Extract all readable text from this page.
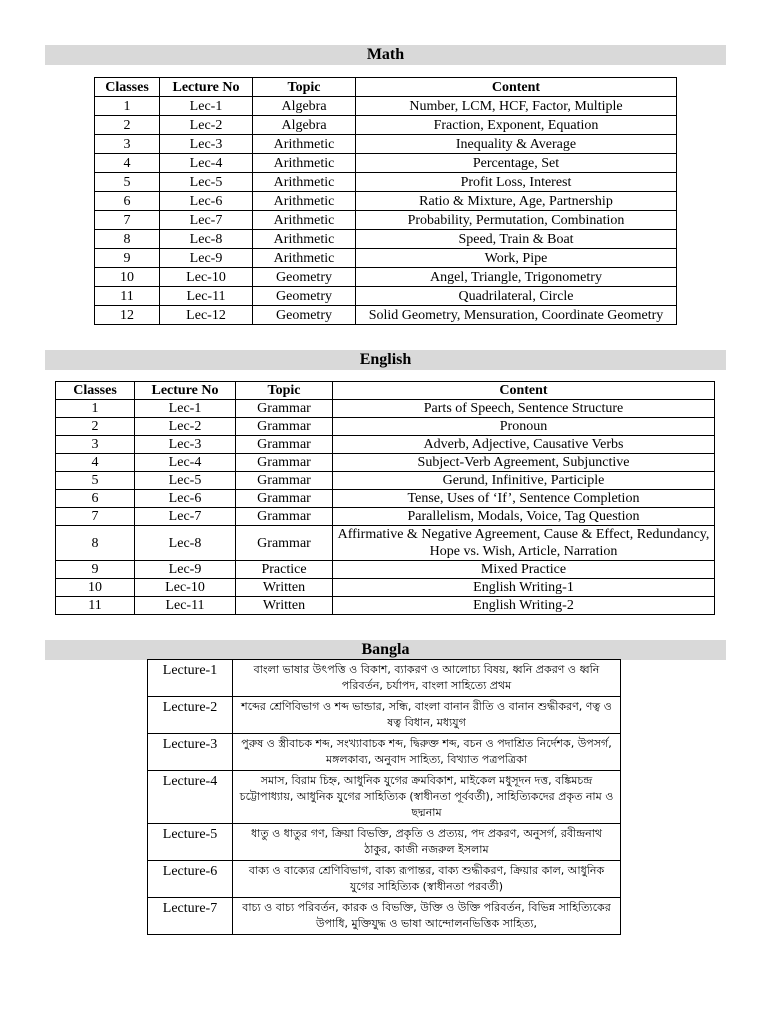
Math
Classes	Lecture No	Topic	Content
1	Lec-1	Algebra	Number, LCM, HCF, Factor, Multiple
2	Lec-2	Algebra	Fraction, Exponent, Equation
3	Lec-3	Arithmetic	Inequality & Average
4	Lec-4	Arithmetic	Percentage, Set
5	Lec-5	Arithmetic	Profit Loss, Interest
6	Lec-6	Arithmetic	Ratio & Mixture, Age, Partnership
7	Lec-7	Arithmetic	Probability, Permutation, Combination
8	Lec-8	Arithmetic	Speed, Train & Boat
9	Lec-9	Arithmetic	Work, Pipe
10	Lec-10	Geometry	Angel, Triangle, Trigonometry
11	Lec-11	Geometry	Quadrilateral, Circle
12	Lec-12	Geometry	Solid Geometry, Mensuration, Coordinate Geometry
English
Classes	Lecture No	Topic	Content
1	Lec-1	Grammar	Parts of Speech, Sentence Structure
2	Lec-2	Grammar	Pronoun
3	Lec-3	Grammar	Adverb, Adjective, Causative Verbs
4	Lec-4	Grammar	Subject-Verb Agreement, Subjunctive
5	Lec-5	Grammar	Gerund, Infinitive, Participle
6	Lec-6	Grammar	Tense, Uses of ‘If’, Sentence Completion
7	Lec-7	Grammar	Parallelism, Modals, Voice, Tag Question
8	Lec-8	Grammar	Affirmative & Negative Agreement, Cause & Effect, Redundancy, Hope vs. Wish, Article, Narration
9	Lec-9	Practice	Mixed Practice
10	Lec-10	Written	English Writing-1
11	Lec-11	Written	English Writing-2
Bangla
Lecture-1	বাংলা ভাষার উৎপত্তি ও বিকাশ, ব্যাকরণ ও আলোচ্য বিষয়, ধ্বনি প্রকরণ ও ধ্বনি পরিবর্তন, চর্যাপদ, বাংলা সাহিত্যে প্রথম
Lecture-2	শব্দের শ্রেণিবিভাগ ও শব্দ ভান্ডার, সন্ধি, বাংলা বানান রীতি ও বানান শুদ্ধীকরণ, ণত্ব ও ষত্ব বিধান, মধ্যযুগ
Lecture-3	পুরুষ ও স্ত্রীবাচক শব্দ, সংখ্যাবাচক শব্দ, দ্বিরুক্ত শব্দ, বচন ও পদাশ্রিত নির্দেশক, উপসর্গ, মঙ্গলকাব্য, অনুবাদ সাহিত্য, বিখ্যাত পত্রপত্রিকা
Lecture-4	সমাস, বিরাম চিহ্ন, আধুনিক যুগের ক্রমবিকাশ, মাইকেল মধুসূদন দত্ত, বঙ্কিমচন্দ্র চট্টোপাধ্যায়, আধুনিক যুগের সাহিত্যিক (স্বাধীনতা পূর্ববর্তী), সাহিত্যিকদের প্রকৃত নাম ও ছদ্মনাম
Lecture-5	ধাতু ও ধাতুর গণ, ক্রিয়া বিভক্তি, প্রকৃতি ও প্রত্যয়, পদ প্রকরণ, অনুসর্গ, রবীন্দ্রনাথ ঠাকুর, কাজী নজরুল ইসলাম
Lecture-6	বাক্য ও বাক্যের শ্রেণিবিভাগ, বাক্য রূপান্তর, বাক্য শুদ্ধীকরণ, ক্রিয়ার কাল, আধুনিক যুগের সাহিত্যিক (স্বাধীনতা পরবর্তী)
Lecture-7	বাচ্য ও বাচ্য পরিবর্তন, কারক ও বিভক্তি, উক্তি ও উক্তি পরিবর্তন, বিভিন্ন সাহিত্যিকের উপাধি, মুক্তিযুদ্ধ ও ভাষা আন্দোলনভিত্তিক সাহিত্য,
